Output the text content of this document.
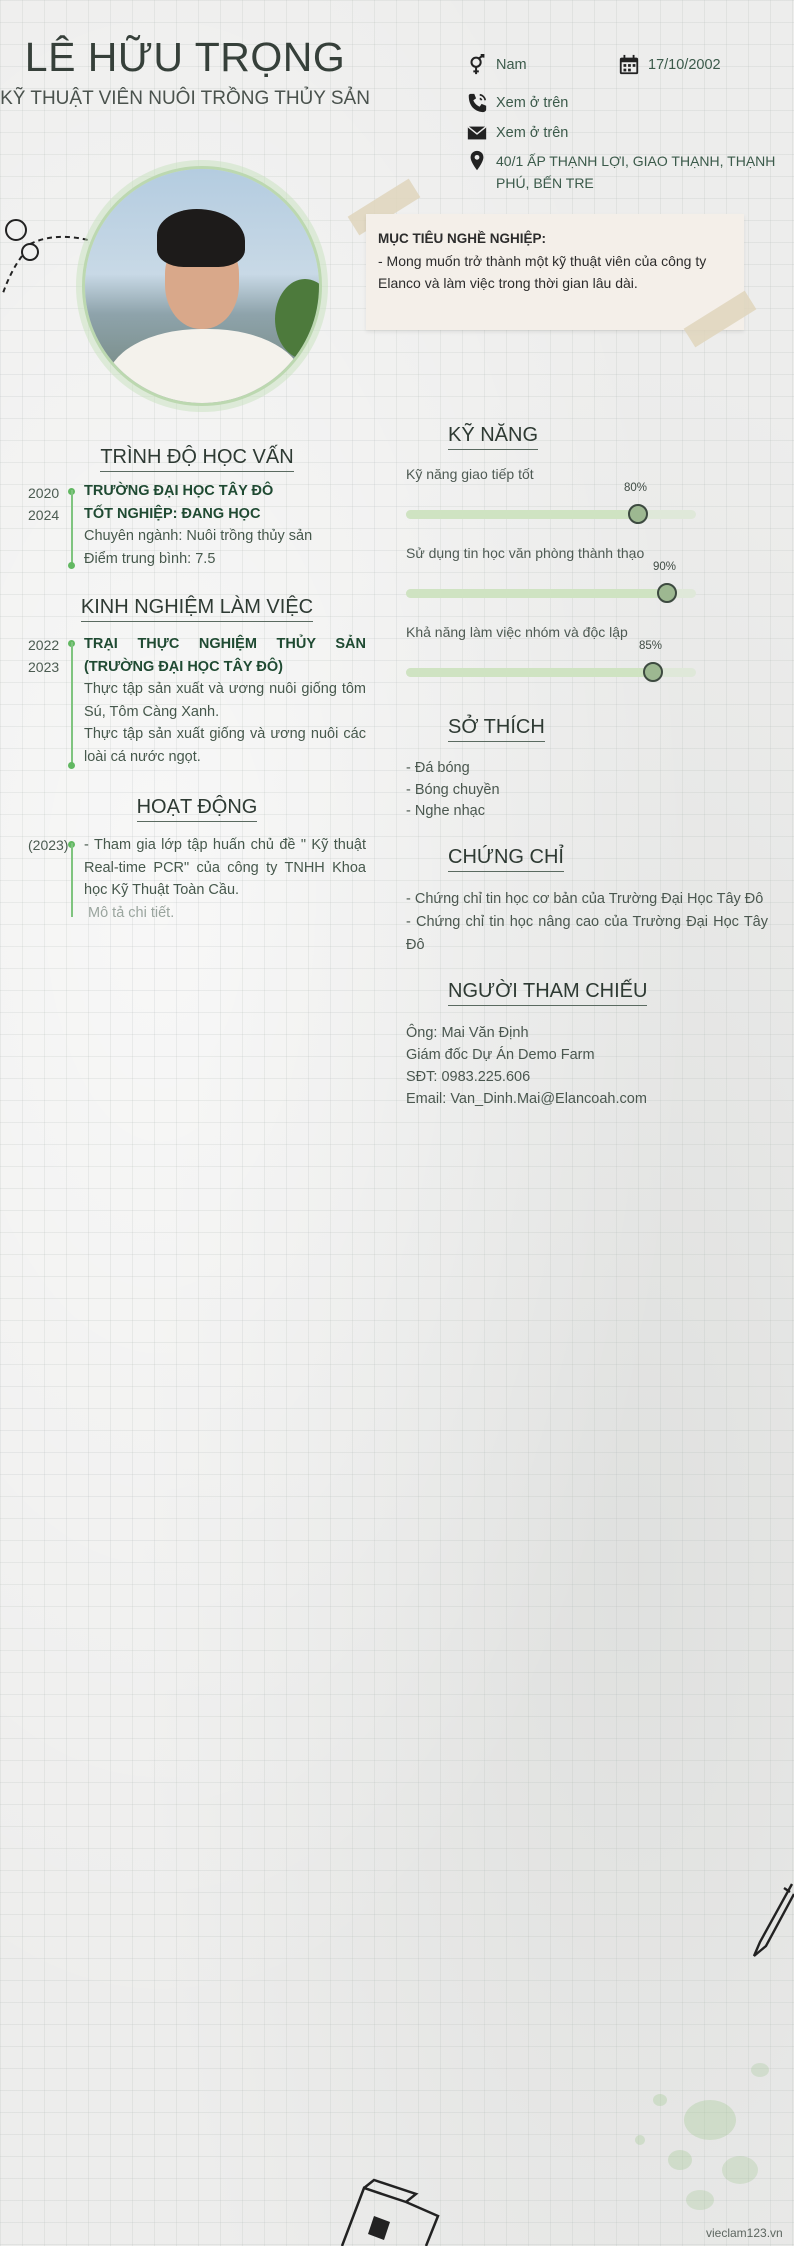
LÊ HỮU TRỌNG
KỸ THUẬT VIÊN NUÔI TRỒNG THỦY SẢN
Nam	17/10/2002
Xem ở trên
Xem ở trên
40/1 ẤP THẠNH LỢI, GIAO THẠNH, THẠNH PHÚ, BẾN TRE
MỤC TIÊU NGHỀ NGHIỆP:
- Mong muốn trở thành một kỹ thuật viên của công ty Elanco và làm việc trong thời gian lâu dài.
TRÌNH ĐỘ HỌC VẤN
2020
2024
TRƯỜNG ĐẠI HỌC TÂY ĐÔ
TỐT NGHIỆP: ĐANG HỌC
Chuyên ngành: Nuôi trồng thủy sản
Điểm trung bình: 7.5
KINH NGHIỆM LÀM VIỆC
2022
2023
TRẠI THỰC NGHIỆM THỦY SẢN (TRƯỜNG ĐẠI HỌC TÂY ĐÔ)
Thực tập sản xuất và ương nuôi giống tôm Sú, Tôm Càng Xanh.
Thực tập sản xuất giống và ương nuôi các loài cá nước ngọt.
HOẠT ĐỘNG
(2023) - Tham gia lớp tập huấn chủ đề " Kỹ thuật Real-time PCR" của công ty TNHH Khoa học Kỹ Thuật Toàn Cầu.
Mô tả chi tiết.
KỸ NĂNG
Kỹ năng giao tiếp tốt
80%
Sử dụng tin học văn phòng thành thạo
90%
Khả năng làm việc nhóm và độc lập
85%
SỞ THÍCH
- Đá bóng
- Bóng chuyền
- Nghe nhạc
CHỨNG CHỈ
- Chứng chỉ tin học cơ bản của Trường Đại Học Tây Đô
- Chứng chỉ tin học nâng cao của Trường Đại Học Tây Đô
NGƯỜI THAM CHIẾU
Ông: Mai Văn Định
Giám đốc Dự Án Demo Farm
SĐT: 0983.225.606
Email: Van_Dinh.Mai@Elancoah.com
vieclam123.vn
